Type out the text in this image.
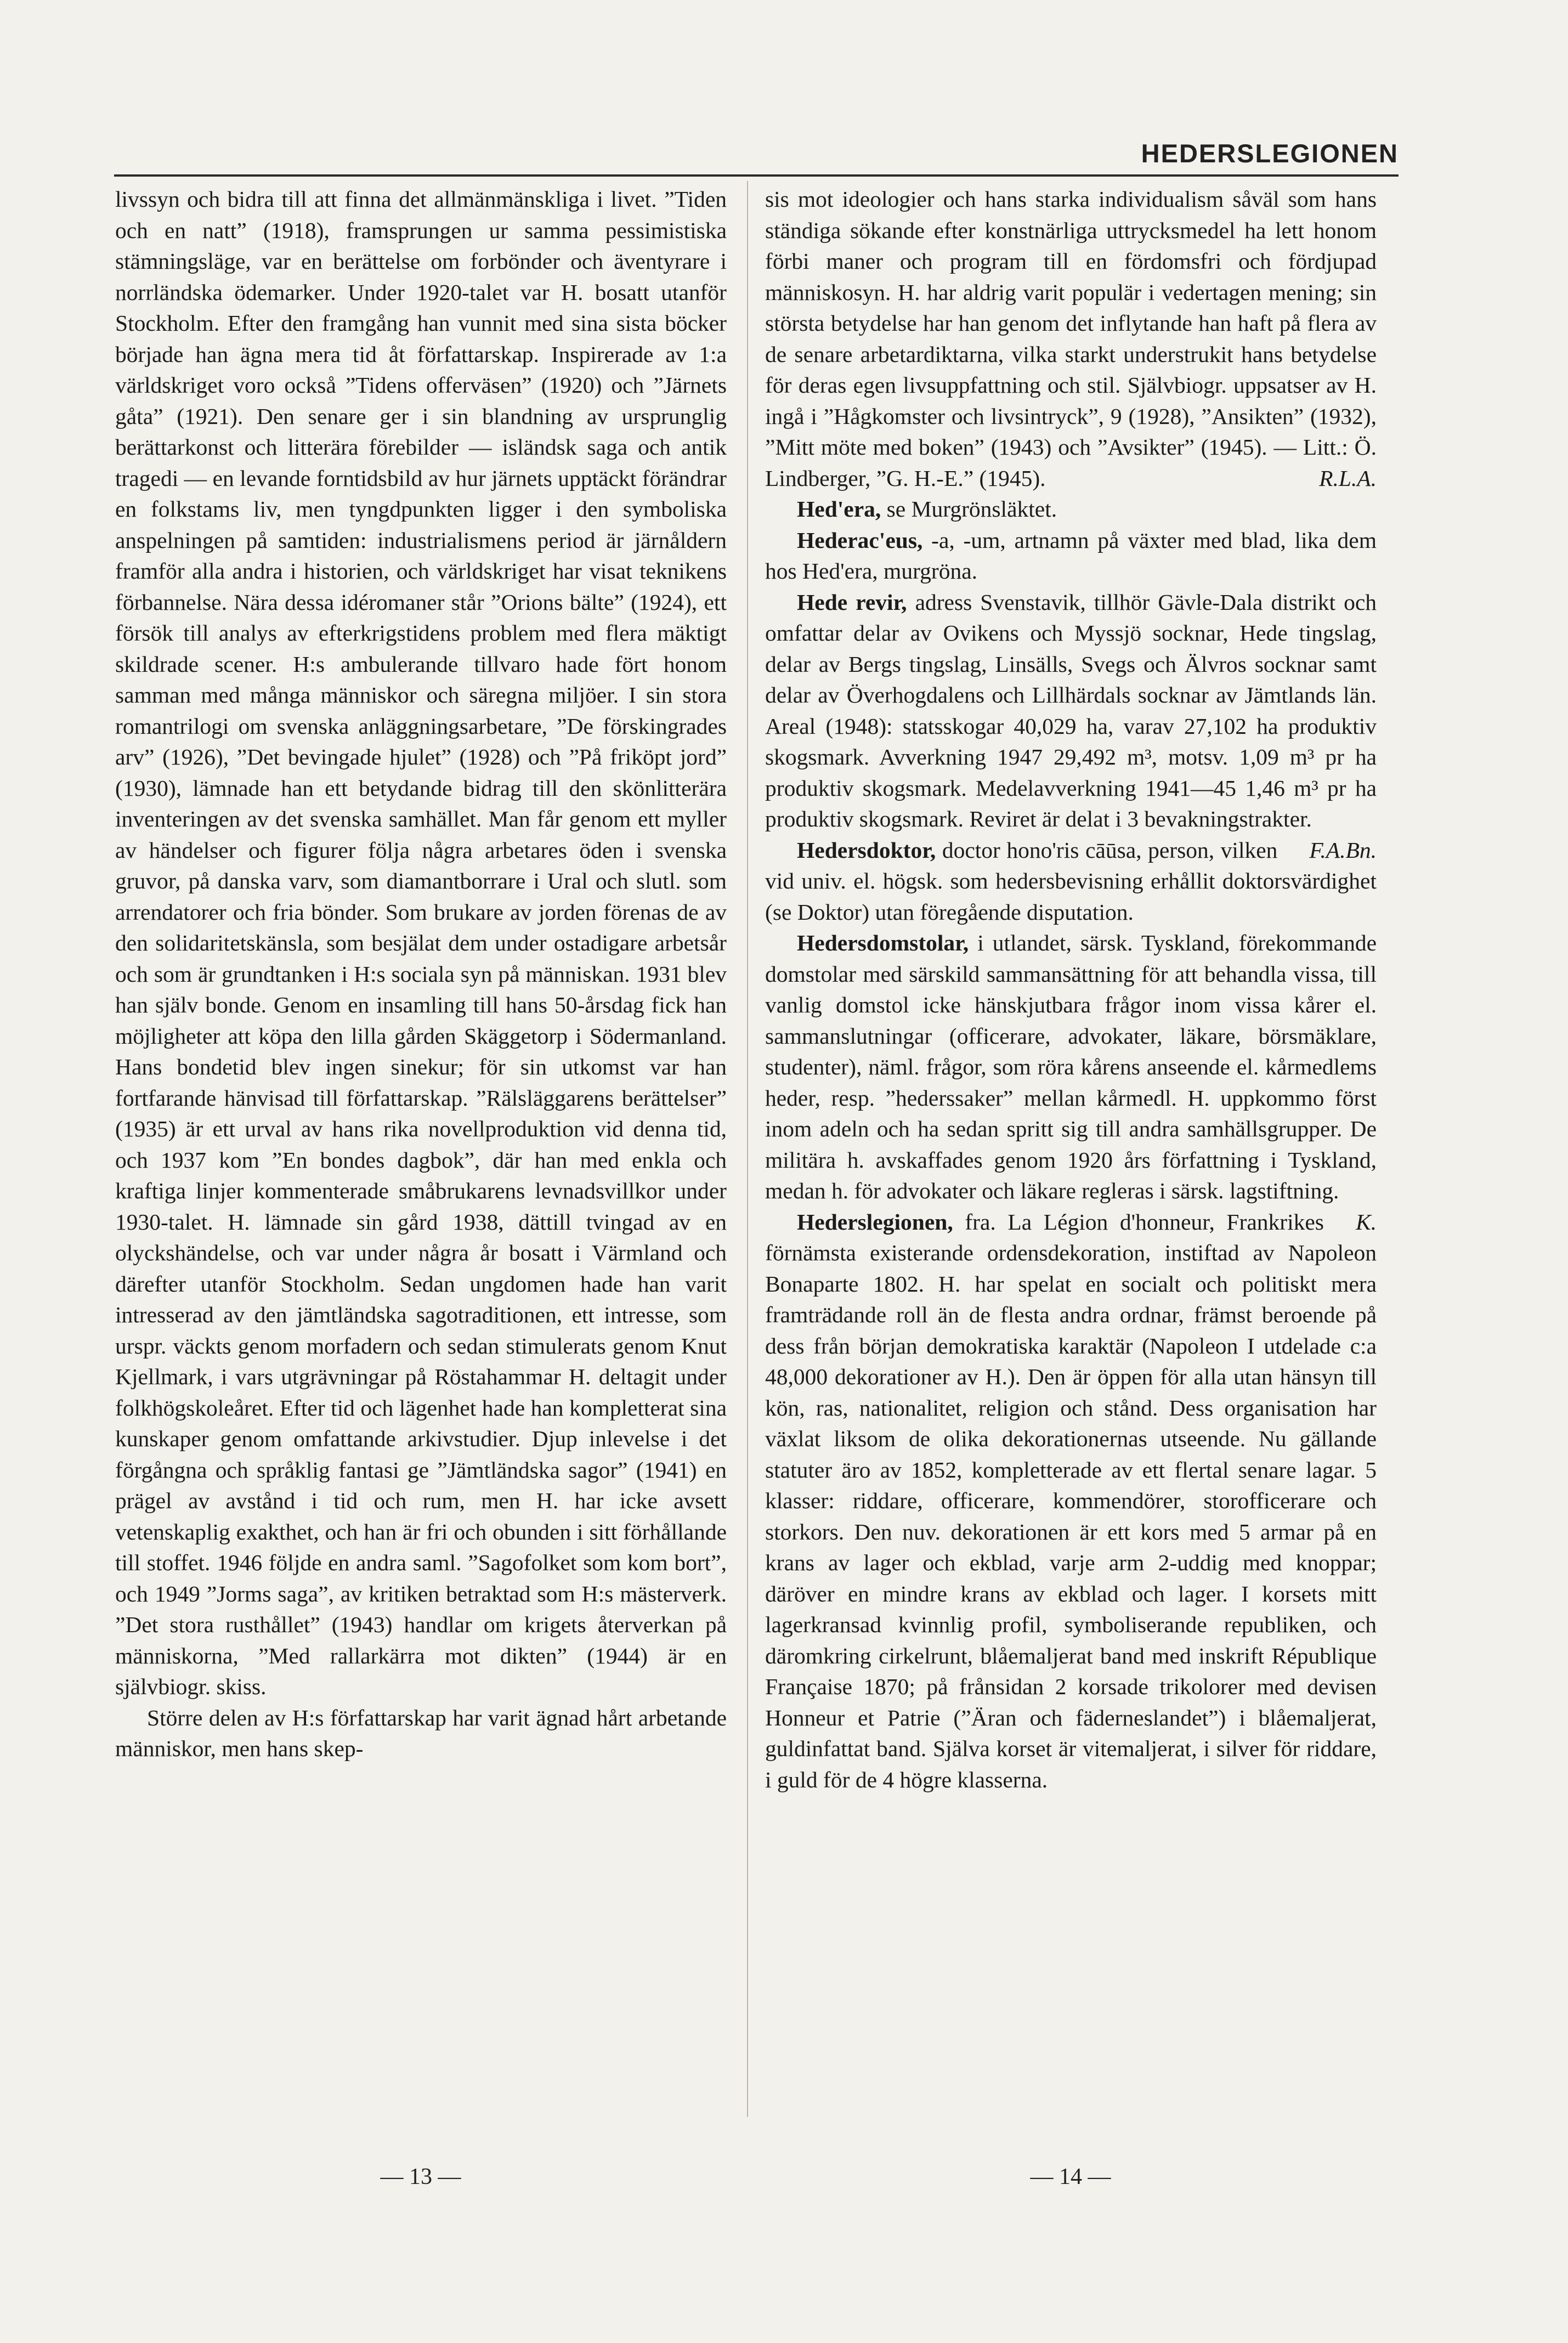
HEDERSLEGIONEN

livssyn och bidra till att finna det allmänmänskliga i livet. ”Tiden och en natt” (1918), framsprungen ur samma pessimistiska stämningsläge, var en berättelse om forbönder och äventyrare i norrländska ödemarker. Under 1920-talet var H. bosatt utanför Stockholm. Efter den framgång han vunnit med sina sista böcker började han ägna mera tid åt författarskap. Inspirerade av 1:a världskriget voro också ”Tidens offerväsen” (1920) och ”Järnets gåta” (1921). Den senare ger i sin blandning av ursprunglig berättarkonst och litterära förebilder — isländsk saga och antik tragedi — en levande forntidsbild av hur järnets upptäckt förändrar en folkstams liv, men tyngdpunkten ligger i den symboliska anspelningen på samtiden: industrialismens period är järnåldern framför alla andra i historien, och världskriget har visat teknikens förbannelse. Nära dessa idéromaner står ”Orions bälte” (1924), ett försök till analys av efterkrigstidens problem med flera mäktigt skildrade scener. H:s ambulerande tillvaro hade fört honom samman med många människor och säregna miljöer. I sin stora romantrilogi om svenska anläggningsarbetare, ”De förskingrades arv” (1926), ”Det bevingade hjulet” (1928) och ”På friköpt jord” (1930), lämnade han ett betydande bidrag till den skönlitterära inventeringen av det svenska samhället. Man får genom ett myller av händelser och figurer följa några arbetares öden i svenska gruvor, på danska varv, som diamantborrare i Ural och slutl. som arrendatorer och fria bönder. Som brukare av jorden förenas de av den solidaritetskänsla, som besjälat dem under ostadigare arbetsår och som är grundtanken i H:s sociala syn på människan. 1931 blev han själv bonde. Genom en insamling till hans 50-årsdag fick han möjligheter att köpa den lilla gården Skäggetorp i Södermanland. Hans bondetid blev ingen sinekur; för sin utkomst var han fortfarande hänvisad till författarskap. ”Rälsläggarens berättelser” (1935) är ett urval av hans rika novellproduktion vid denna tid, och 1937 kom ”En bondes dagbok”, där han med enkla och kraftiga linjer kommenterade småbrukarens levnadsvillkor under 1930-talet. H. lämnade sin gård 1938, dättill tvingad av en olyckshändelse, och var under några år bosatt i Värmland och därefter utanför Stockholm. Sedan ungdomen hade han varit intresserad av den jämtländska sagotraditionen, ett intresse, som urspr. väckts genom morfadern och sedan stimulerats genom Knut Kjellmark, i vars utgrävningar på Röstahammar H. deltagit under folkhögskoleåret. Efter tid och lägenhet hade han kompletterat sina kunskaper genom omfattande arkivstudier. Djup inlevelse i det förgångna och språklig fantasi ge ”Jämtländska sagor” (1941) en prägel av avstånd i tid och rum, men H. har icke avsett vetenskaplig exakthet, och han är fri och obunden i sitt förhållande till stoffet. 1946 följde en andra saml. ”Sagofolket som kom bort”, och 1949 ”Jorms saga”, av kritiken betraktad som H:s mästerverk. ”Det stora rusthållet” (1943) handlar om krigets återverkan på människorna, ”Med rallarkärra mot dikten” (1944) är en självbiogr. skiss.

Större delen av H:s författarskap har varit ägnad hårt arbetande människor, men hans skep-

sis mot ideologier och hans starka individualism såväl som hans ständiga sökande efter konstnärliga uttrycksmedel ha lett honom förbi maner och program till en fördomsfri och fördjupad människosyn. H. har aldrig varit populär i vedertagen mening; sin största betydelse har han genom det inflytande han haft på flera av de senare arbetardiktarna, vilka starkt understrukit hans betydelse för deras egen livsuppfattning och stil. Självbiogr. uppsatser av H. ingå i ”Hågkomster och livsintryck”, 9 (1928), ”Ansikten” (1932), ”Mitt möte med boken” (1943) och ”Avsikter” (1945). — Litt.: Ö. Lindberger, ”G. H.-E.” (1945).	R.L.A.

Hed'era, se Murgrönsläktet.

Hederac'eus, -a, -um, artnamn på växter med blad, lika dem hos Hed'era, murgröna.

Hede revir, adress Svenstavik, tillhör Gävle-Dala distrikt och omfattar delar av Ovikens och Myssjö socknar, Hede tingslag, delar av Bergs tingslag, Linsälls, Svegs och Älvros socknar samt delar av Överhogdalens och Lillhärdals socknar av Jämtlands län. Areal (1948): statsskogar 40,029 ha, varav 27,102 ha produktiv skogsmark. Avverkning 1947 29,492 m³, motsv. 1,09 m³ pr ha produktiv skogsmark. Medelavverkning 1941—45 1,46 m³ pr ha produktiv skogsmark. Reviret är delat i 3 bevakningstrakter.
F.A.Bn.

Hedersdoktor, doctor hono'ris cāūsa, person, vilken vid univ. el. högsk. som hedersbevisning erhållit doktorsvärdighet (se Doktor) utan föregående disputation.

Hedersdomstolar, i utlandet, särsk. Tyskland, förekommande domstolar med särskild sammansättning för att behandla vissa, till vanlig domstol icke hänskjutbara frågor inom vissa kårer el. sammanslutningar (officerare, advokater, läkare, börsmäklare, studenter), näml. frågor, som röra kårens anseende el. kårmedlems heder, resp. ”hederssaker” mellan kårmedl. H. uppkommo först inom adeln och ha sedan spritt sig till andra samhällsgrupper. De militära h. avskaffades genom 1920 års författning i Tyskland, medan h. för advokater och läkare regleras i särsk. lagstiftning.
K.

Hederslegionen, fra. La Légion d'honneur, Frankrikes förnämsta existerande ordensdekoration, instiftad av Napoleon Bonaparte 1802. H. har spelat en socialt och politiskt mera framträdande roll än de flesta andra ordnar, främst beroende på dess från början demokratiska karaktär (Napoleon I utdelade c:a 48,000 dekorationer av H.). Den är öppen för alla utan hänsyn till kön, ras, nationalitet, religion och stånd. Dess organisation har växlat liksom de olika dekorationernas utseende. Nu gällande statuter äro av 1852, kompletterade av ett flertal senare lagar. 5 klasser: riddare, officerare, kommendörer, storofficerare och storkors. Den nuv. dekorationen är ett kors med 5 armar på en krans av lager och ekblad, varje arm 2-uddig med knoppar; däröver en mindre krans av ekblad och lager. I korsets mitt lagerkransad kvinnlig profil, symboliserande republiken, och däromkring cirkelrunt, blåemaljerat band med inskrift République Française 1870; på frånsidan 2 korsade trikolorer med devisen Honneur et Patrie (”Äran och fäderneslandet”) i blåemaljerat, guldinfattat band. Själva korset är vitemaljerat, i silver för riddare, i guld för de 4 högre klasserna.

— 13 —	— 14 —
